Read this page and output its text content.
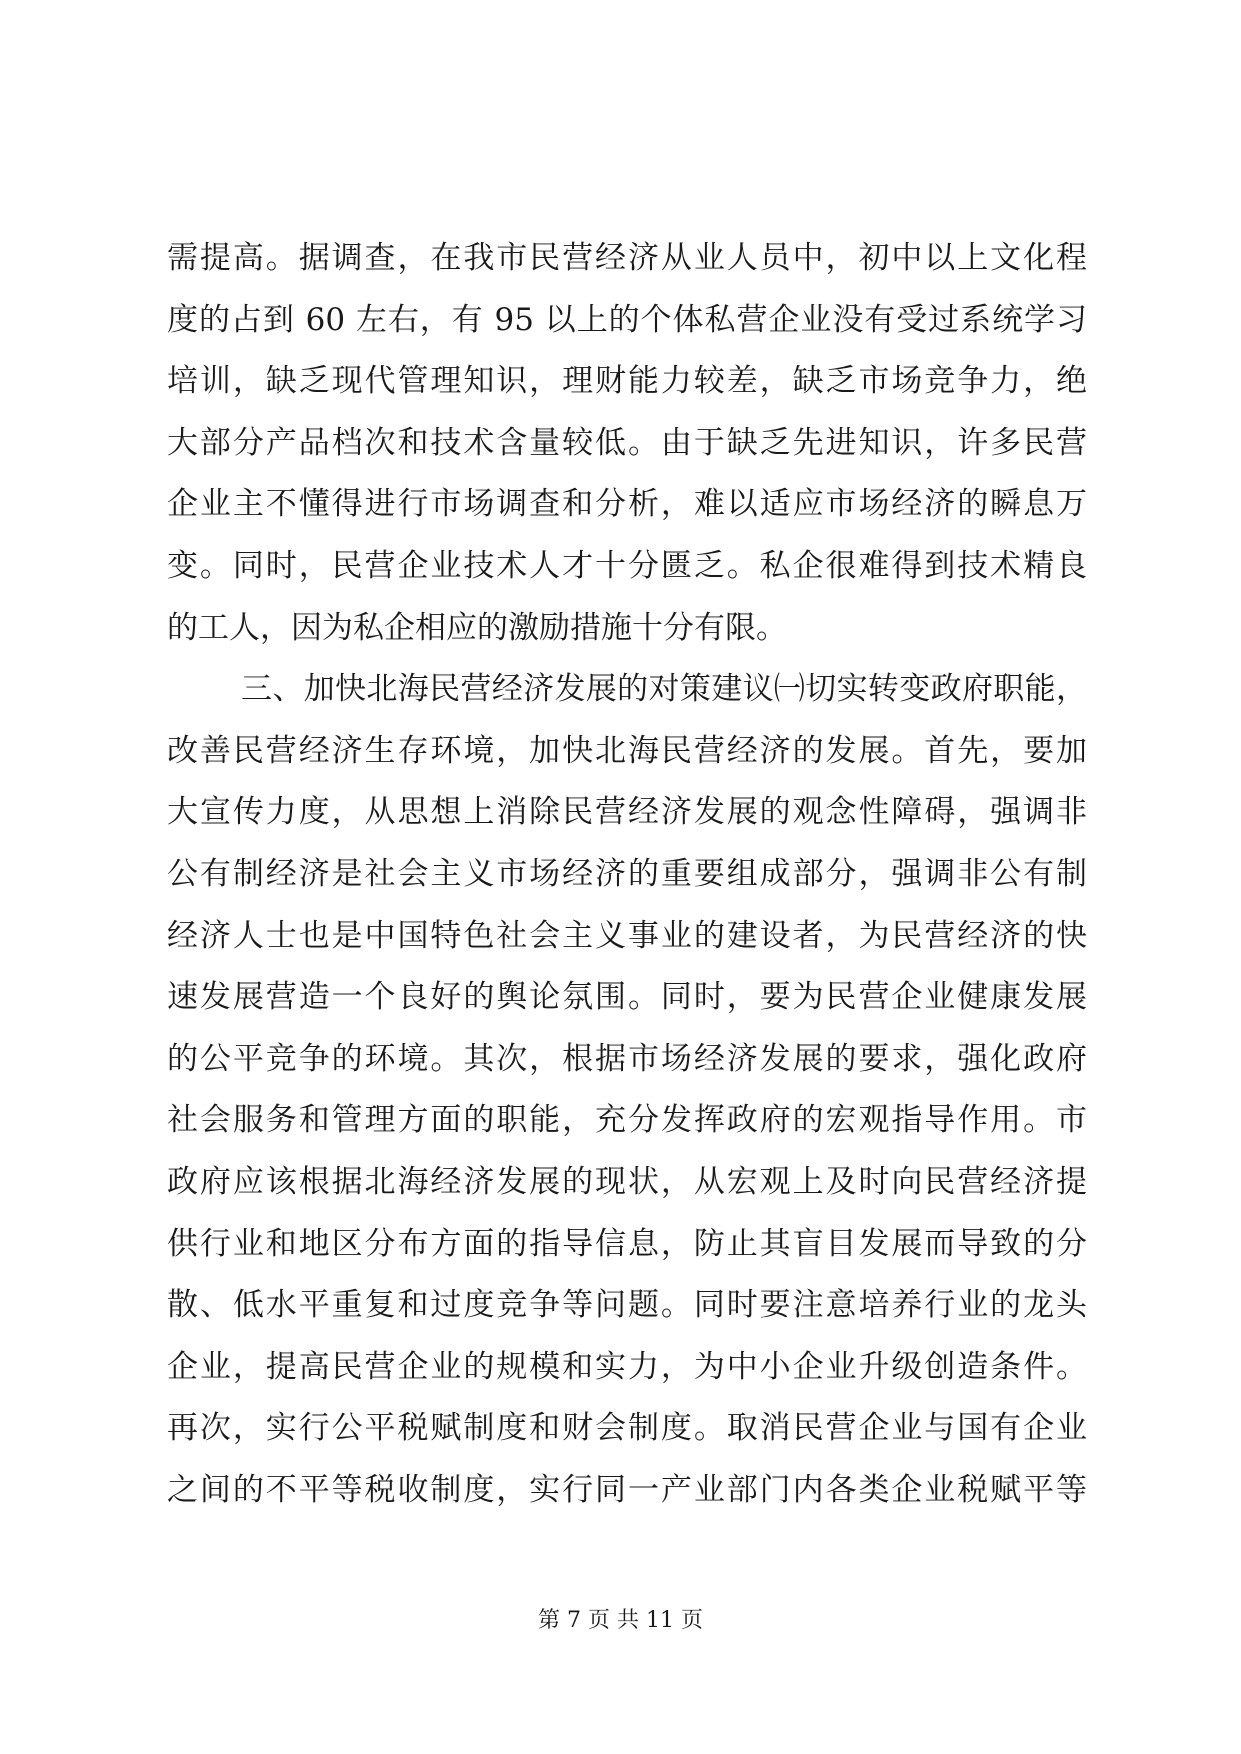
需提高。据调查，在我市民营经济从业人员中，初中以上文化程
度的占到 60 左右，有 95 以上的个体私营企业没有受过系统学习
培训，缺乏现代管理知识，理财能力较差，缺乏市场竞争力，绝
大部分产品档次和技术含量较低。由于缺乏先进知识，许多民营
企业主不懂得进行市场调查和分析，难以适应市场经济的瞬息万
变。同时，民营企业技术人才十分匮乏。私企很难得到技术精良
的工人，因为私企相应的激励措施十分有限。
三、加快北海民营经济发展的对策建议㈠切实转变政府职能，
改善民营经济生存环境，加快北海民营经济的发展。首先，要加
大宣传力度，从思想上消除民营经济发展的观念性障碍，强调非
公有制经济是社会主义市场经济的重要组成部分，强调非公有制
经济人士也是中国特色社会主义事业的建设者，为民营经济的快
速发展营造一个良好的舆论氛围。同时，要为民营企业健康发展
的公平竞争的环境。其次，根据市场经济发展的要求，强化政府
社会服务和管理方面的职能，充分发挥政府的宏观指导作用。市
政府应该根据北海经济发展的现状，从宏观上及时向民营经济提
供行业和地区分布方面的指导信息，防止其盲目发展而导致的分
散、低水平重复和过度竞争等问题。同时要注意培养行业的龙头
企业，提高民营企业的规模和实力，为中小企业升级创造条件。
再次，实行公平税赋制度和财会制度。取消民营企业与国有企业
之间的不平等税收制度，实行同一产业部门内各类企业税赋平等
第 7 页 共 11 页
